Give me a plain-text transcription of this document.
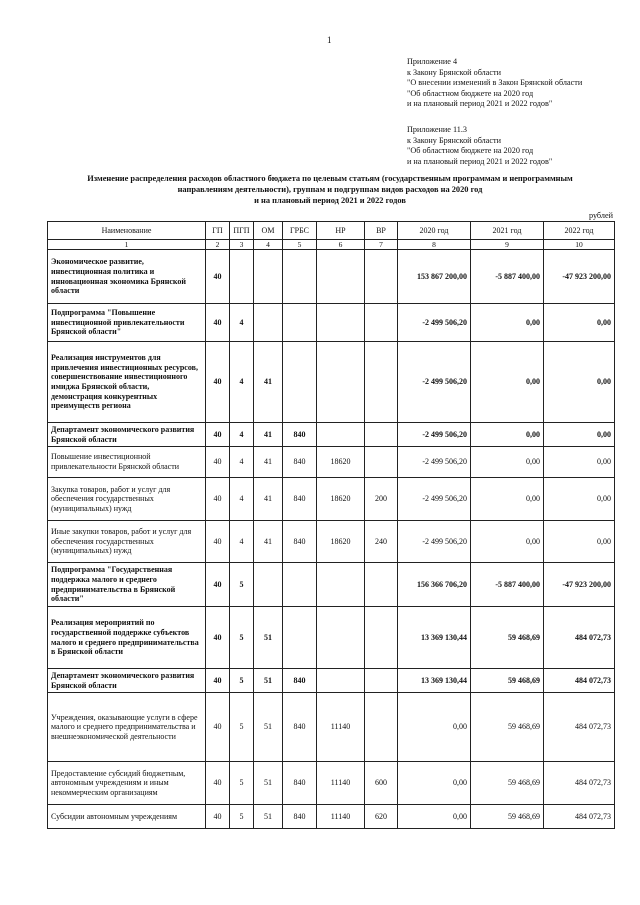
1
Приложение 4
к Закону Брянской области
"О внесении изменений в Закон Брянской области
"Об областном бюджете на 2020 год
и на плановый период 2021 и 2022 годов"
Приложение 11.3
к Закону Брянской области
"Об областном бюджете на 2020 год
и на плановый период 2021 и 2022 годов"
Изменение распределения расходов областного бюджета по целевым статьям (государственным программам и непрограммным
направлениям деятельности), группам и подгруппам видов расходов на 2020 год
и на плановый период 2021 и 2022 годов
рублей
Наименование	ГП	ПГП	ОМ	ГРБС	НР	ВР	2020 год	2021 год	2022 год
1	2	3	4	5	6	7	8	9	10
Экономическое развитие, инвестиционная политика и инновационная экономика Брянской области	40						153 867 200,00	-5 887 400,00	-47 923 200,00
Подпрограмма "Повышение инвестиционной привлекательности Брянской области"	40	4					-2 499 506,20	0,00	0,00
Реализация инструментов для привлечения инвестиционных ресурсов, совершенствование инвестиционного имиджа Брянской области, демонстрация конкурентных преимуществ региона	40	4	41				-2 499 506,20	0,00	0,00
Департамент экономического развития Брянской области	40	4	41	840			-2 499 506,20	0,00	0,00
Повышение инвестиционной привлекательности Брянской области	40	4	41	840	18620		-2 499 506,20	0,00	0,00
Закупка товаров, работ и услуг для обеспечения государственных (муниципальных) нужд	40	4	41	840	18620	200	-2 499 506,20	0,00	0,00
Иные закупки товаров, работ и услуг для обеспечения государственных (муниципальных) нужд	40	4	41	840	18620	240	-2 499 506,20	0,00	0,00
Подпрограмма "Государственная поддержка малого и среднего предпринимательства в Брянской области"	40	5					156 366 706,20	-5 887 400,00	-47 923 200,00
Реализация мероприятий по государственной поддержке субъектов малого и среднего предпринимательства в Брянской области	40	5	51				13 369 130,44	59 468,69	484 072,73
Департамент экономического развития Брянской области	40	5	51	840			13 369 130,44	59 468,69	484 072,73
Учреждения, оказывающие услуги в сфере малого и среднего предпринимательства и внешнеэкономической деятельности	40	5	51	840	11140		0,00	59 468,69	484 072,73
Предоставление субсидий бюджетным, автономным учреждениям и иным некоммерческим организациям	40	5	51	840	11140	600	0,00	59 468,69	484 072,73
Субсидии автономным учреждениям	40	5	51	840	11140	620	0,00	59 468,69	484 072,73
